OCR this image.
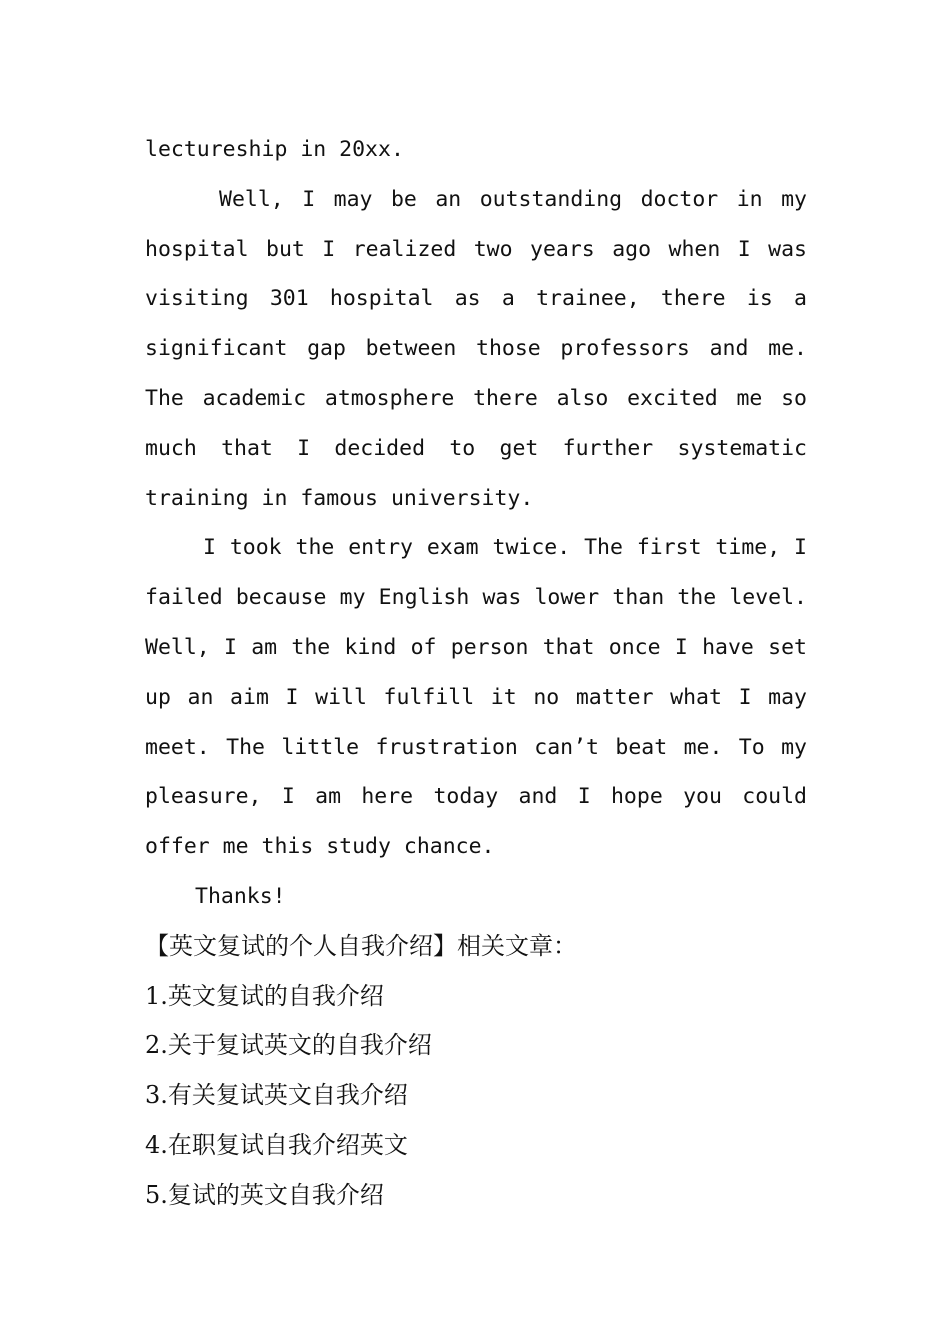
lectureship in 20xx.

Well, I may be an outstanding doctor in my hospital but I realized two years ago when I was visiting 301 hospital as a trainee, there is a significant gap between those professors and me. The academic atmosphere there also excited me so much that I decided to get further systematic training in famous university.

I took the entry exam twice. The first time, I failed because my English was lower than the level. Well, I am the kind of person that once I have set up an aim I will fulfill it no matter what I may meet. The little frustration can’t beat me. To my pleasure, I am here today and I hope you could offer me this study chance.

Thanks!

【英文复试的个人自我介绍】相关文章：

1.英文复试的自我介绍

2.关于复试英文的自我介绍

3.有关复试英文自我介绍

4.在职复试自我介绍英文

5.复试的英文自我介绍
